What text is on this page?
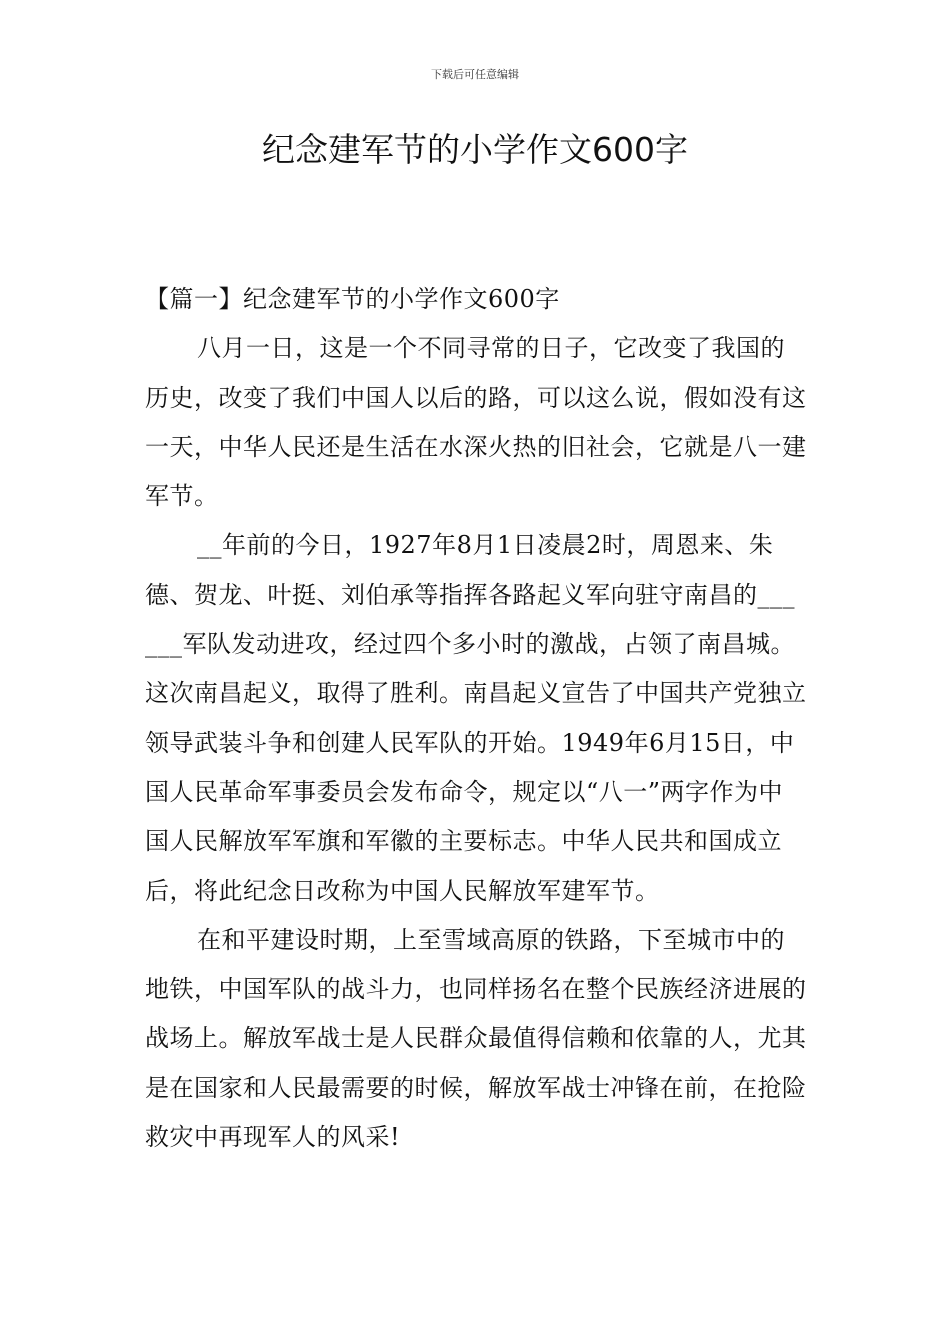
下载后可任意编辑
纪念建军节的小学作文600字

【篇一】纪念建军节的小学作文600字

八月一日，这是一个不同寻常的日子，它改变了我国的历史，改变了我们中国人以后的路，可以这么说，假如没有这一天，中华人民还是生活在水深火热的旧社会，它就是八一建军节。

__年前的今日，1927年8月1日凌晨2时，周恩来、朱德、贺龙、叶挺、刘伯承等指挥各路起义军向驻守南昌的______军队发动进攻，经过四个多小时的激战，占领了南昌城。这次南昌起义，取得了胜利。南昌起义宣告了中国共产党独立领导武装斗争和创建人民军队的开始。1949年6月15日，中国人民革命军事委员会发布命令，规定以“八一”两字作为中国人民解放军军旗和军徽的主要标志。中华人民共和国成立后，将此纪念日改称为中国人民解放军建军节。

在和平建设时期，上至雪域高原的铁路，下至城市中的地铁，中国军队的战斗力，也同样扬名在整个民族经济进展的战场上。解放军战士是人民群众最值得信赖和依靠的人，尤其是在国家和人民最需要的时候，解放军战士冲锋在前，在抢险救灾中再现军人的风采!
